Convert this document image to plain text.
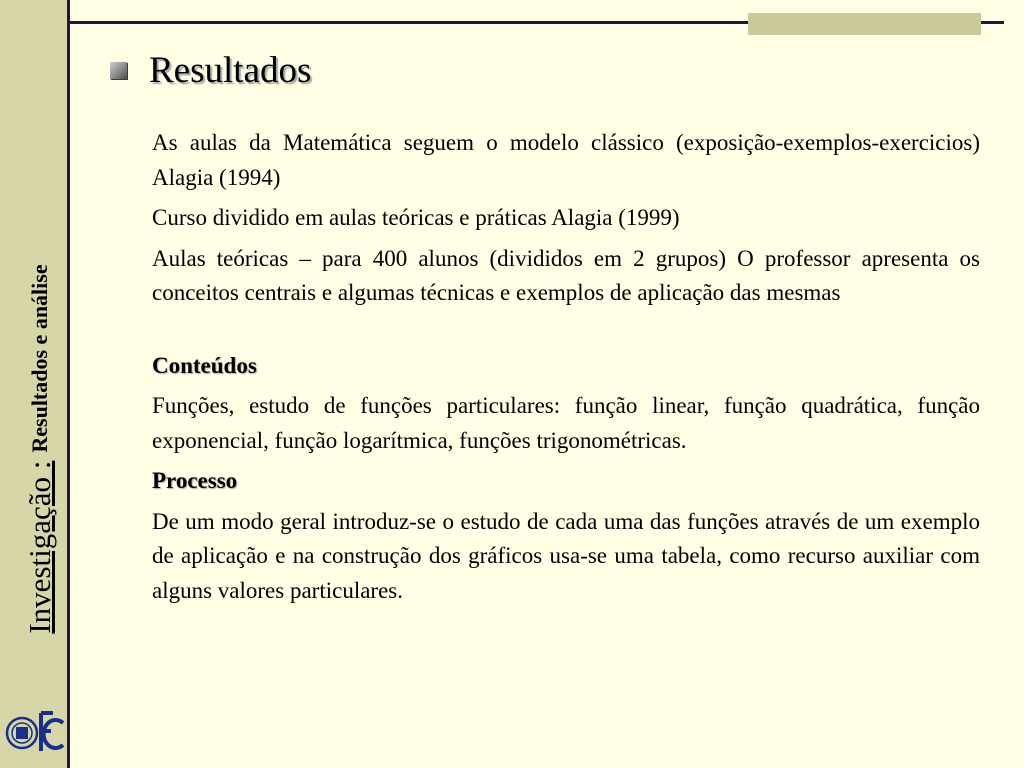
Investigação :
Resultados e análise
Resultados

As aulas da Matemática seguem o modelo clássico (exposição-exemplos-exercicios) Alagia (1994)

Curso dividido em aulas teóricas e práticas Alagia (1999)

Aulas teóricas – para 400 alunos (divididos em 2 grupos) O professor apresenta os conceitos centrais e algumas técnicas e exemplos de aplicação das mesmas

Conteúdos

Funções, estudo de funções particulares: função linear, função quadrática, função exponencial, função logarítmica, funções trigonométricas.

Processo

De um modo geral introduz-se o estudo de cada uma das funções através de um exemplo de aplicação e na construção dos gráficos usa-se uma tabela, como recurso auxiliar com alguns valores particulares.
